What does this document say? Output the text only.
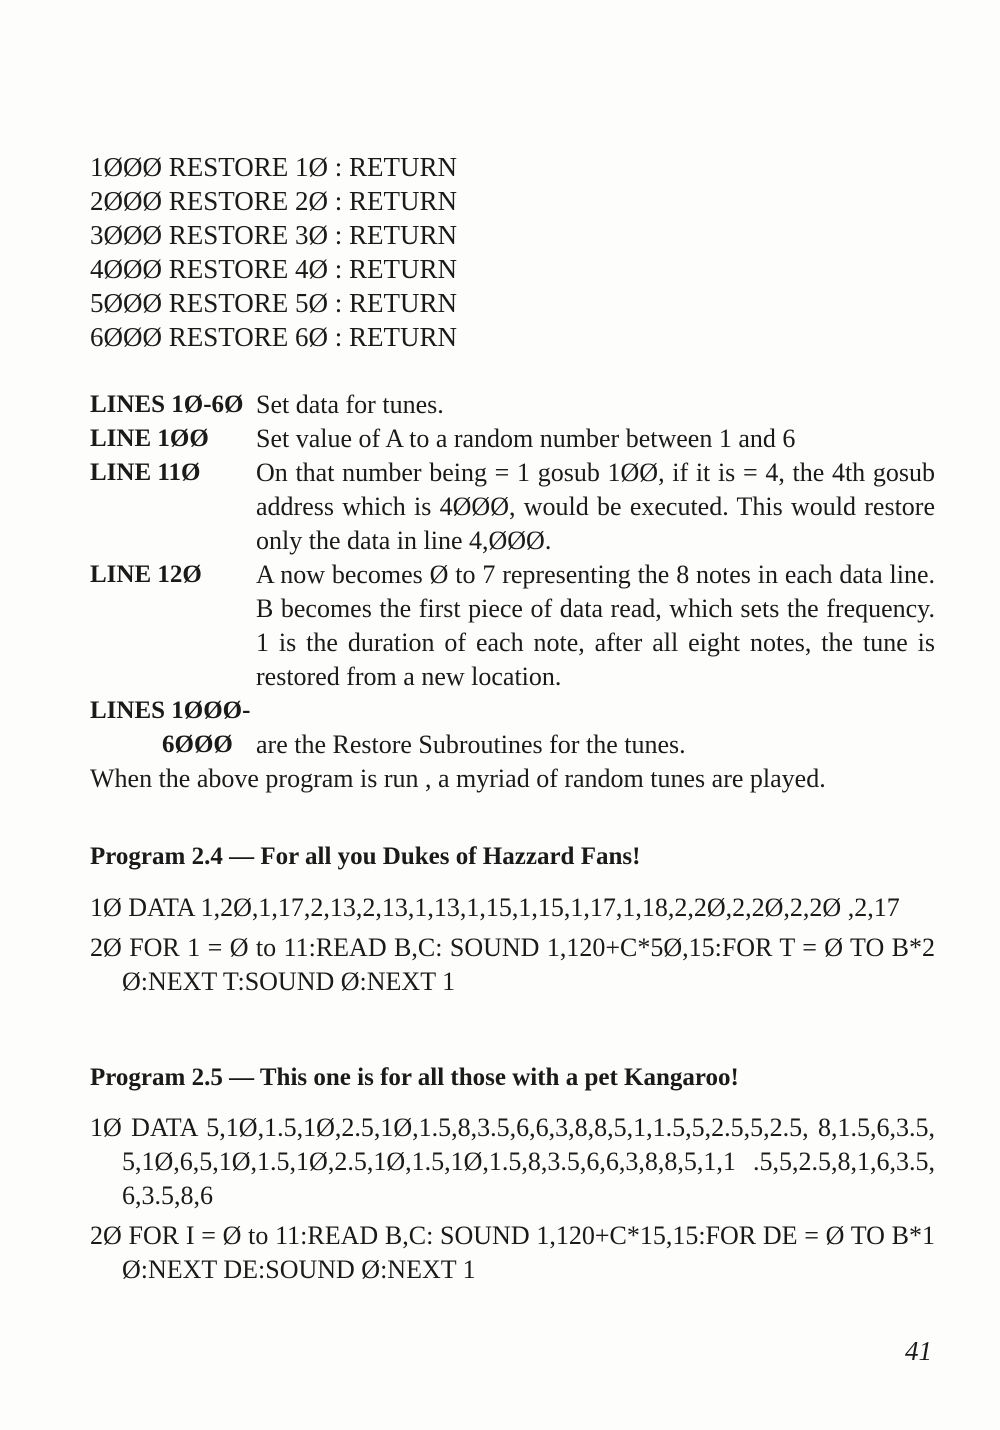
1ØØØ RESTORE 1Ø : RETURN
2ØØØ RESTORE 2Ø : RETURN
3ØØØ RESTORE 3Ø : RETURN
4ØØØ RESTORE 4Ø : RETURN
5ØØØ RESTORE 5Ø : RETURN
6ØØØ RESTORE 6Ø : RETURN
LINES 1Ø-6Ø Set data for tunes.
LINE 1ØØ	Set value of A to a random number between 1 and 6
LINE 11Ø	On that number being = 1 gosub 1ØØ, if it is = 4, the 4th gosub address which is 4ØØØ, would be executed. This would restore only the data in line 4,ØØØ.
LINE 12Ø	A now becomes Ø to 7 representing the 8 notes in each data line. B becomes the first piece of data read, which sets the frequency. 1 is the duration of each note, after all eight notes, the tune is restored from a new location.
LINES 1ØØØ-
6ØØØ are the Restore Subroutines for the tunes.
When the above program is run , a myriad of random tunes are played.
Program 2.4 — For all you Dukes of Hazzard Fans!
1Ø DATA 1,2Ø,1,17,2,13,2,13,1,13,1,15,1,15,1,17,1,18,2,2Ø,2,2Ø,2,2Ø ,2,17
2Ø FOR 1 = Ø to 11:READ B,C: SOUND 1,120+C*5Ø,15:FOR T = Ø TO B*2Ø:NEXT T:SOUND Ø:NEXT 1
Program 2.5 — This one is for all those with a pet Kangaroo!
1Ø DATA 5,1Ø,1.5,1Ø,2.5,1Ø,1.5,8,3.5,6,6,3,8,8,5,1,1.5,5,2.5,5,2.5, 8,1.5,6,3.5,5,1Ø,6,5,1Ø,1.5,1Ø,2.5,1Ø,1.5,1Ø,1.5,8,3.5,6,6,3,8,8,5,1,1 .5,5,2.5,8,1,6,3.5,6,3.5,8,6
2Ø FOR I = Ø to 11:READ B,C: SOUND 1,120+C*15,15:FOR DE = Ø TO B*1Ø:NEXT DE:SOUND Ø:NEXT 1
41
